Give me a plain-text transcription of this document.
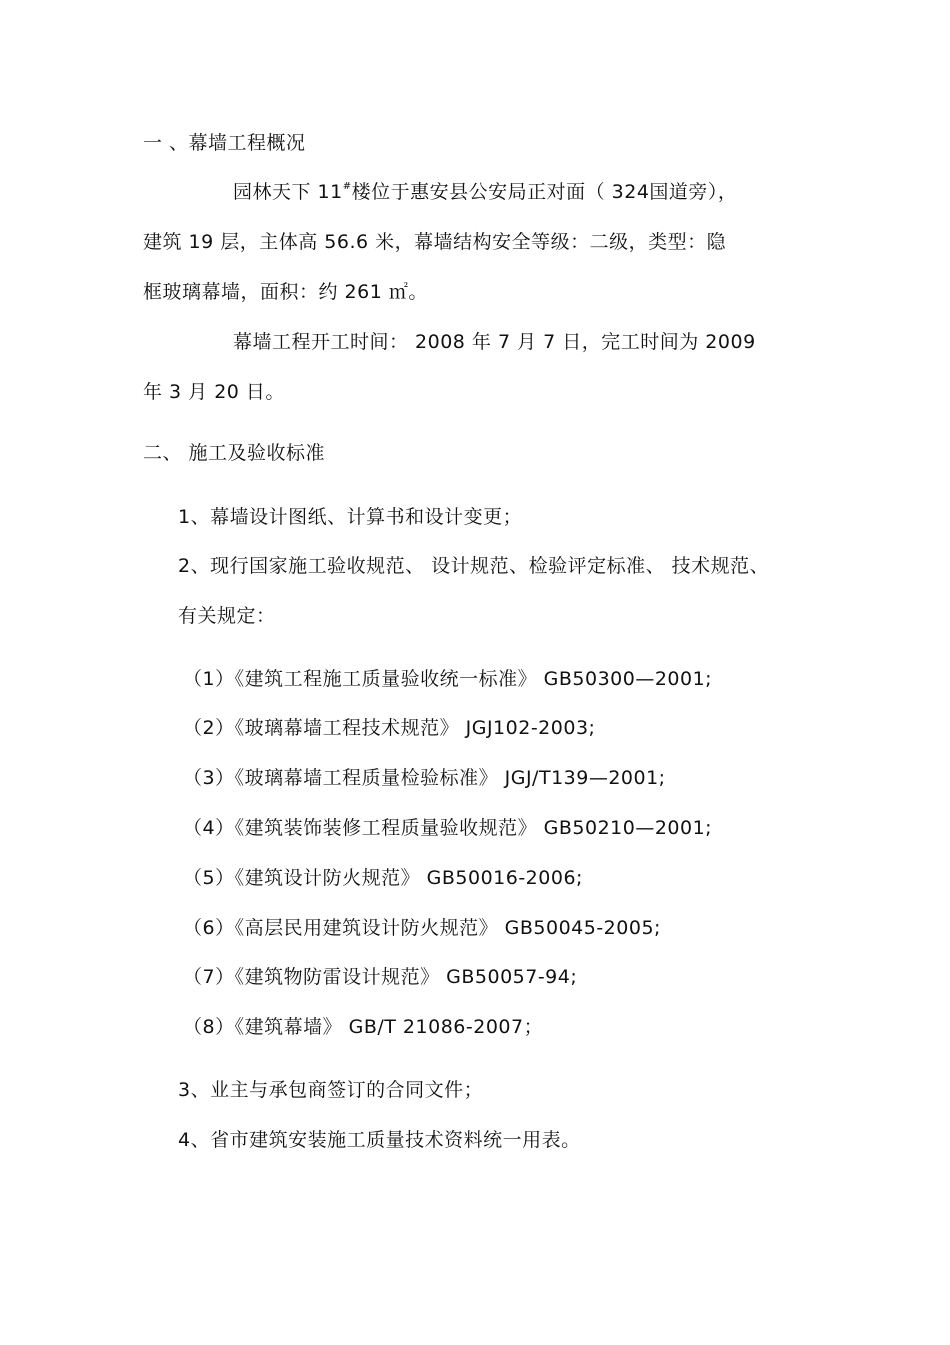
一 、幕墙工程概况
园林天下 11#楼位于惠安县公安局正对面（ 324国道旁），
建筑 19 层，主体高 56.6 米，幕墙结构安全等级：二级，类型：隐
框玻璃幕墙，面积：约 261 ㎡。
幕墙工程开工时间： 2008 年 7 月 7 日，完工时间为 2009
年 3 月 20 日。
二、 施工及验收标准
1、幕墙设计图纸、计算书和设计变更；
2、现行国家施工验收规范、 设计规范、检验评定标准、 技术规范、
有关规定：
（1）《建筑工程施工质量验收统一标准》 GB50300—2001;
（2）《玻璃幕墙工程技术规范》 JGJ102-2003;
（3）《玻璃幕墙工程质量检验标准》 JGJ/T139—2001;
（4）《建筑装饰装修工程质量验收规范》 GB50210—2001;
（5）《建筑设计防火规范》 GB50016-2006;
（6）《高层民用建筑设计防火规范》 GB50045-2005;
（7）《建筑物防雷设计规范》 GB50057-94;
（8）《建筑幕墙》 GB/T 21086-2007；
3、业主与承包商签订的合同文件；
4、省市建筑安装施工质量技术资料统一用表。
